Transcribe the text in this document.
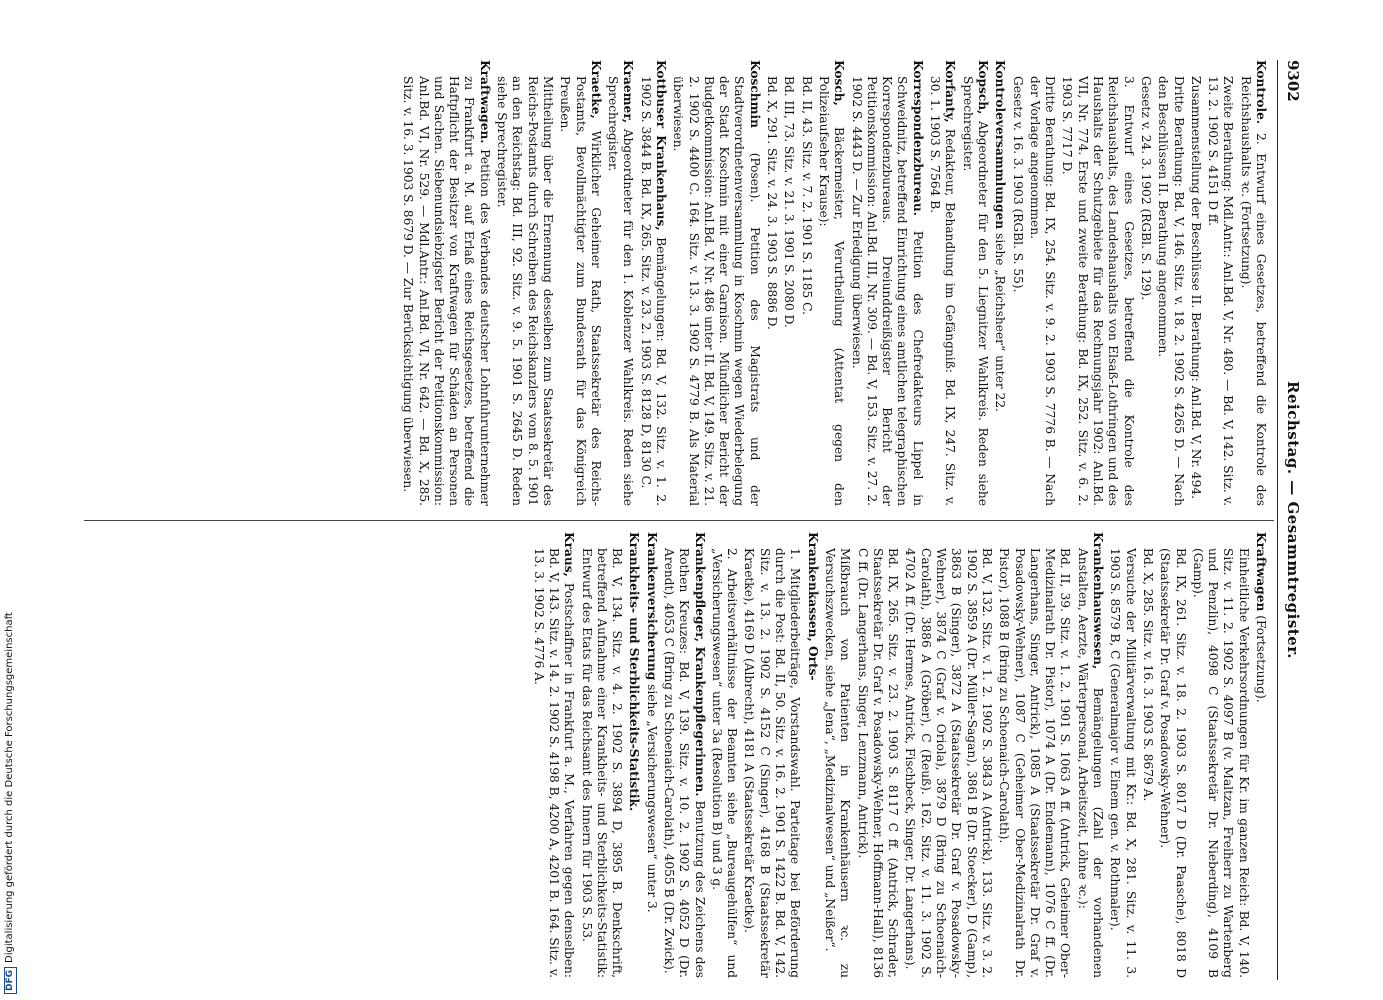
9302
Reichstag. — Gesammtregister.
Kontrole. 2. Entwurf eines Gesetzes, betreffend die Kontrole des Reichshaushalts ꝛc. (Fortsetzung).
Zweite Berathung: Mdl.Antr.: Anl.Bd. V, Nr. 480. — Bd. V, 142. Sitz. v. 13. 2. 1902 S. 4151 D ff.
Zusammenstellung der Beschlüsse II. Berathung: Anl.Bd. V, Nr. 494.
Dritte Berathung: Bd. V, 146. Sitz. v. 18. 2. 1902 S. 4265 D. — Nach den Beschlüssen II. Berathung angenommen.
Gesetz v. 24. 3. 1902 (RGBl. S. 129).
3. Entwurf eines Gesetzes, betreffend die Kontrole des Reichshaushalts, des Landeshaushalts von Elsaß-Lothringen und des Haushalts der Schutzgebiete für das Rechnungsjahr 1902: Anl.Bd. VII, Nr. 774. Erste und zweite Berathung: Bd. IX, 252. Sitz. v. 6. 2. 1903 S. 7717 D.
Dritte Berathung: Bd. IX, 254. Sitz. v. 9. 2. 1903 S. 7776 B. — Nach der Vorlage angenommen.
Gesetz v. 16. 3. 1903 (RGBl. S. 55).
Kontroleversammlungen siehe „Reichsheer“ unter 22.
Kopsch, Abgeordneter für den 5. Liegnitzer Wahlkreis. Reden siehe Sprechregister.
Korfanty, Redakteur, Behandlung im Gefängniß: Bd. IX, 247. Sitz. v. 30. 1. 1903 S. 7564 B.
Korrespondenzbureau. Petition des Chefredakteurs Lippel in Schweidnitz, betreffend Einrichtung eines amtlichen telegraphischen Korrespondenzbureaus. Dreiunddreißigster Bericht der Petitionskommission: Anl.Bd. III, Nr. 309. — Bd. V, 153. Sitz. v. 27. 2. 1902 S. 4443 D. — Zur Erledigung überwiesen.
Kosch, Bäckermeister, Verurtheilung (Attentat gegen den Polizeiaufseher Krause):
Bd. II, 43. Sitz. v. 7. 2. 1901 S. 1185 C.
Bd. III, 73. Sitz. v. 21. 3. 1901 S. 2080 D.
Bd. X, 291. Sitz. v. 24. 3. 1903 S. 8886 D.
Koschmin (Posen). Petition des Magistrats und der Stadtverordnetenversammlung in Koschmin wegen Wiederbelegung der Stadt Koschmin mit einer Garnison. Mündlicher Bericht der Budgetkommission: Anl.Bd. V, Nr. 486 unter II. Bd. V, 149. Sitz. v. 21. 2. 1902 S. 4400 C. 164. Sitz. v. 13. 3. 1902 S. 4779 B. Als Material überwiesen.
Kottbuser Krankenhaus, Bemängelungen: Bd. V, 132. Sitz. v. 1. 2. 1902 S. 3844 B. Bd. IX, 265. Sitz. v. 23. 2. 1903 S. 8128 D, 8130 C.
Kraemer, Abgeordneter für den 1. Koblenzer Wahlkreis. Reden siehe Sprechregister.
Kraetke, Wirklicher Geheimer Rath, Staatssekretär des Reichs-Postamts, Bevollmächtigter zum Bundesrath für das Königreich Preußen.
Mittheilung über die Ernennung desselben zum Staatssekretär des Reichs-Postamts durch Schreiben des Reichskanzlers vom 8. 5. 1901 an den Reichstag: Bd. III, 92. Sitz. v. 9. 5. 1901 S. 2645 D. Reden siehe Sprechregister.
Kraftwagen. Petition des Verbandes deutscher Lohnfuhrunternehmer zu Frankfurt a. M. auf Erlaß eines Reichsgesetzes, betreffend die Haftpflicht der Besitzer von Kraftwagen für Schäden an Personen und Sachen. Siebenundsiebzigster Bericht der Petitionskommission: Anl.Bd. VI, Nr. 529. — Mdl.Antr.: Anl.Bd. VI, Nr. 642. — Bd. X, 285. Sitz. v. 16. 3. 1903 S. 8679 D. — Zur Berücksichtigung überwiesen.
Kraftwagen (Fortsetzung).
Einheitliche Verkehrsordnungen für Kr. im ganzen Reich: Bd. V, 140. Sitz. v. 11. 2. 1902 S. 4097 B (v. Maltzan, Freiherr zu Wartenberg und Penzlin), 4098 C (Staatssekretär Dr. Nieberding), 4109 B (Gamp).
Bd. IX, 261. Sitz. v. 18. 2. 1903 S. 8017 D (Dr. Paasche), 8018 D (Staatssekretär Dr. Graf v. Posadowsky-Wehner).
Bd. X, 285. Sitz. v. 16. 3. 1903 S. 8679 A.
Versuche der Militärverwaltung mit Kr.: Bd. X, 281. Sitz. v. 11. 3. 1903 S. 8579 B, C (Generalmajor v. Einem gen. v. Rothmaler).
Krankenhauswesen, Bemängelungen (Zahl der vorhandenen Anstalten, Aerzte, Wärterpersonal, Arbeitszeit, Löhne ꝛc.):
Bd. II, 39. Sitz. v. 1. 2. 1901 S. 1063 A ff. (Antrick, Geheimer Ober-Medizinalrath Dr. Pistor), 1074 A (Dr. Endemann), 1076 C ff. (Dr. Langerhans, Singer, Antrick), 1085 A (Staatssekretär Dr. Graf v. Posadowsky-Wehner), 1087 C (Geheimer Ober-Medizinalrath Dr. Pistor), 1088 B (Bring zu Schoenaich-Carolath).
Bd. V, 132. Sitz. v. 1. 2. 1902 S. 3843 A (Antrick). 133. Sitz. v. 3. 2. 1902 S. 3859 A (Dr. Müller-Sagan), 3861 B (Dr. Stoecker), D (Gamp), 3863 B (Singer), 3872 A (Staatssekretär Dr. Graf v. Posadowsky-Wehner), 3874 C (Graf v. Oriola), 3879 D (Bring zu Schoenaich-Carolath), 3886 A (Gröber), C (Reuß). 162. Sitz. v. 11. 3. 1902 S. 4702 A ff. (Dr. Hermes, Antrick, Fischbeck, Singer, Dr. Langerhans).
Bd. IX, 265. Sitz. v. 23. 2. 1903 S. 8117 C ff. (Antrick, Schrader, Staatssekretär Dr. Graf v. Posadowsky-Wehner, Hoffmann-Hall), 8136 C ff. (Dr. Langerhans, Singer, Lenzmann, Antrick).
Mißbrauch von Patienten in Krankenhäusern ꝛc. zu Versuchszwecken, siehe „Jena“, „Medizinalwesen“ und „Neißer“.
Krankenkassen, Orts-
1. Mitgliederbeiträge, Vorstandswahl. Parteitage bei Beförderung durch die Post: Bd. II, 50. Sitz. v. 16. 2. 1901 S. 1422 B. Bd. V, 142. Sitz. v. 13. 2. 1902 S. 4152 C (Singer), 4168 B (Staatssekretär Kraetke), 4169 D (Albrecht), 4181 A (Staatssekretär Kraetke).
2. Arbeitsverhältnisse der Beamten siehe „Bureaugehülfen“ und „Versicherungswesen“ unter 3a (Resolution B) und 3 g.
Krankenpfleger, Krankenpflegerinnen. Benutzung des Zeichens des Rothen Kreuzes: Bd. V, 139. Sitz. v. 10. 2. 1902 S. 4052 D (Dr. Arendt), 4053 C (Bring zu Schoenaich-Carolath), 4055 B (Dr. Zwick).
Krankenversicherung siehe „Versicherungswesen“ unter 3.
Krankheits- und Sterblichkeits-Statistik.
Bd. V, 134. Sitz. v. 4. 2. 1902 S. 3894 D, 3895 B. Denkschrift, betreffend Aufnahme einer Krankheits- und Sterblichkeits-Statistik: Entwurf des Etats für das Reichsamt des Innern für 1903 S. 53.
Kraus, Postschaffner in Frankfurt a. M., Verfahren gegen denselben: Bd. V, 143. Sitz. v. 14. 2. 1902 S. 4198 B, 4200 A, 4201 B. 164. Sitz. v. 13. 3. 1902 S. 4776 A.
DFGDigitalisierung gefördert durch die Deutsche Forschungsgemeinschaft
